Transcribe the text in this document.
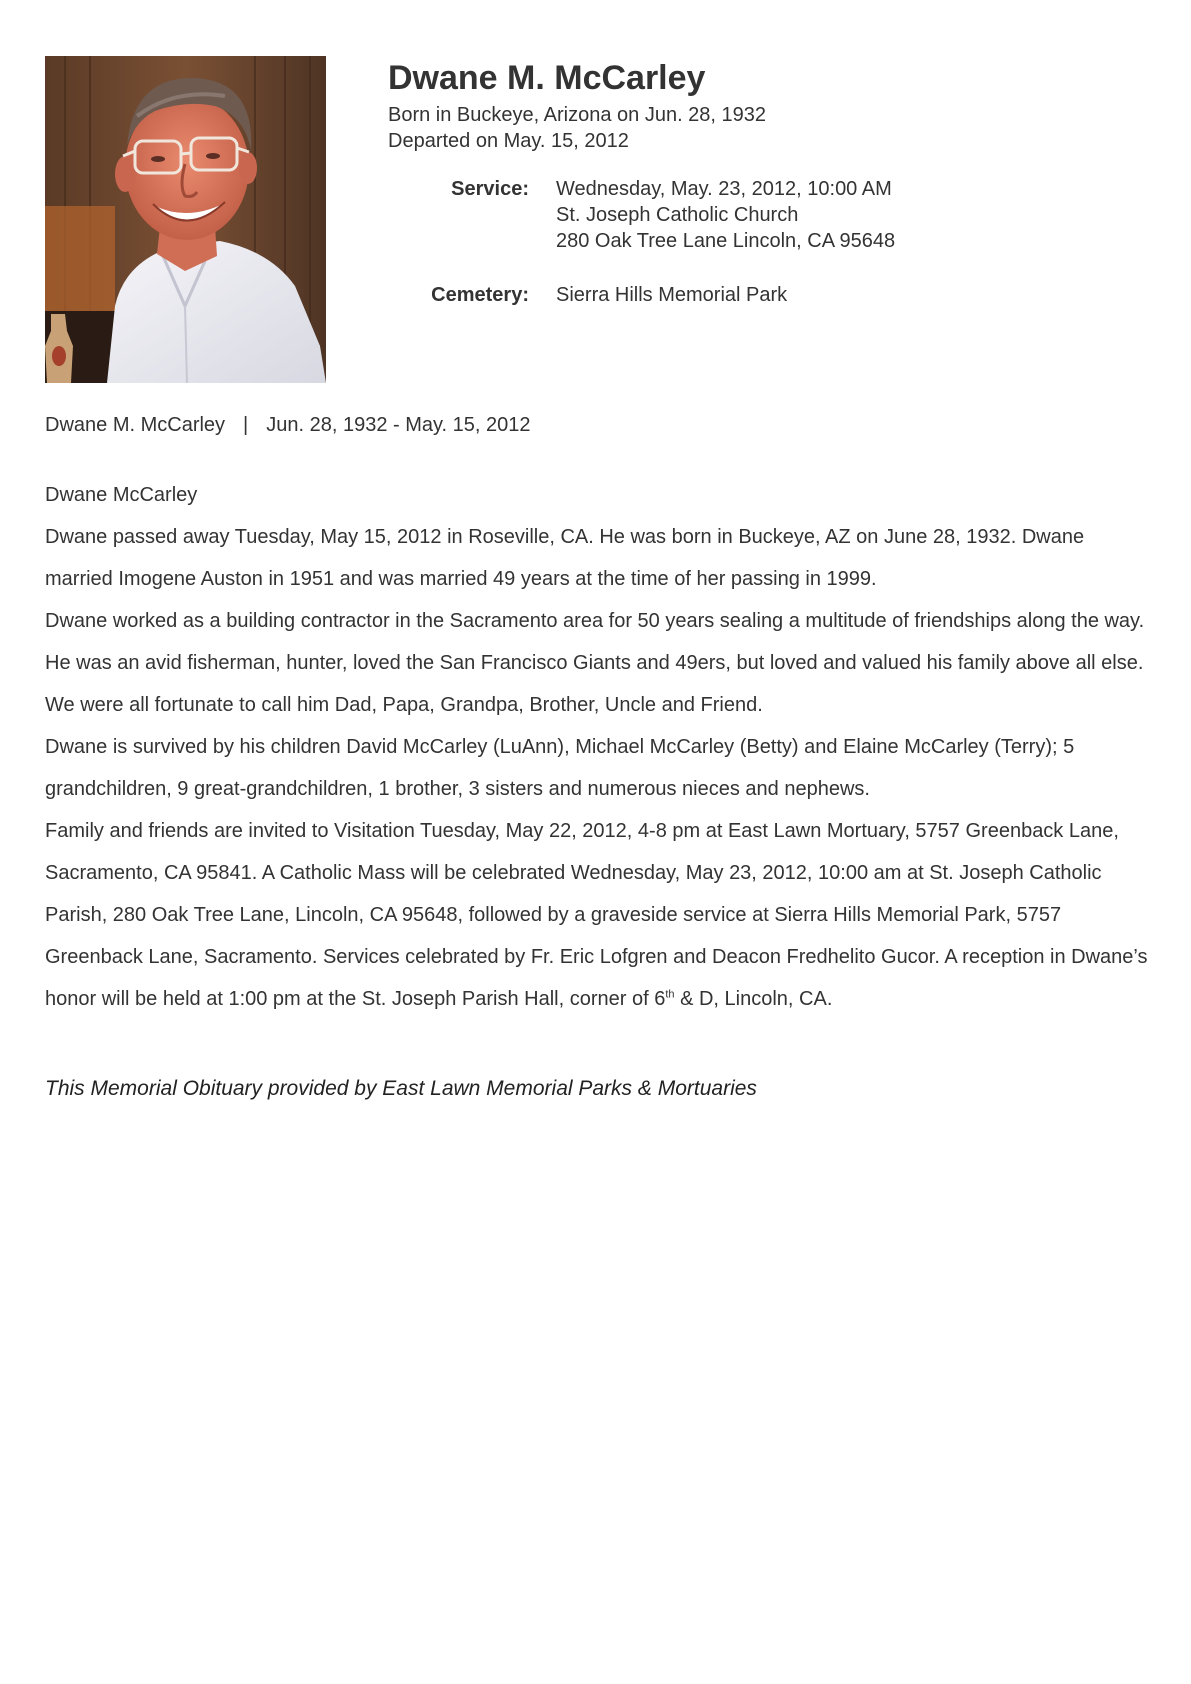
Dwane M. McCarley
Born in Buckeye, Arizona on Jun. 28, 1932
Departed on May. 15, 2012
Service:	Wednesday, May. 23, 2012, 10:00 AM
St. Joseph Catholic Church
280 Oak Tree Lane Lincoln, CA 95648
Cemetery:	Sierra Hills Memorial Park
Dwane M. McCarley | Jun. 28, 1932 - May. 15, 2012

Dwane McCarley

Dwane passed away Tuesday, May 15, 2012 in Roseville, CA. He was born in Buckeye, AZ on June 28, 1932. Dwane married Imogene Auston in 1951 and was married 49 years at the time of her passing in 1999.

Dwane worked as a building contractor in the Sacramento area for 50 years sealing a multitude of friendships along the way. He was an avid fisherman, hunter, loved the San Francisco Giants and 49ers, but loved and valued his family above all else. We were all fortunate to call him Dad, Papa, Grandpa, Brother, Uncle and Friend.

Dwane is survived by his children David McCarley (LuAnn), Michael McCarley (Betty) and Elaine McCarley (Terry); 5 grandchildren, 9 great-grandchildren, 1 brother, 3 sisters and numerous nieces and nephews.

Family and friends are invited to Visitation Tuesday, May 22, 2012, 4-8 pm at East Lawn Mortuary, 5757 Greenback Lane, Sacramento, CA 95841. A Catholic Mass will be celebrated Wednesday, May 23, 2012, 10:00 am at St. Joseph Catholic Parish, 280 Oak Tree Lane, Lincoln, CA 95648, followed by a graveside service at Sierra Hills Memorial Park, 5757 Greenback Lane, Sacramento. Services celebrated by Fr. Eric Lofgren and Deacon Fredhelito Gucor. A reception in Dwane’s honor will be held at 1:00 pm at the St. Joseph Parish Hall, corner of 6th & D, Lincoln, CA.

This Memorial Obituary provided by East Lawn Memorial Parks & Mortuaries
